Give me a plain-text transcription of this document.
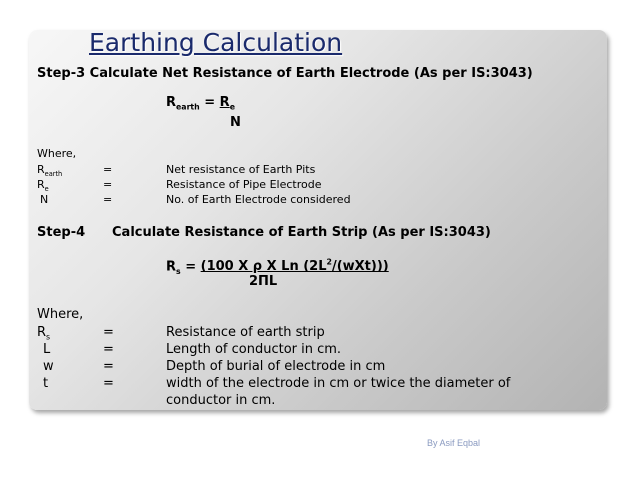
Earthing Calculation
Step-3 Calculate Net Resistance of Earth Electrode (As per IS:3043)
$R_{earth} = R_e$
N
Where,
$R_{earth}$	=	Net resistance of Earth Pits
$R_e$	=	Resistance of Pipe Electrode
N	=	No. of Earth Electrode considered
Step-4 Calculate Resistance of Earth Strip (As per IS:3043)
$R_s = (100$ X ρ X Ln $(2L^2/(wXt))$)
2ΠL
Where,
$R_s$	=	Resistance of earth strip
L	=	Length of conductor in cm.
w	=	Depth of burial of electrode in cm
t	=	width of the electrode in cm or twice the diameter of
conductor in cm.
By Asif Eqbal
